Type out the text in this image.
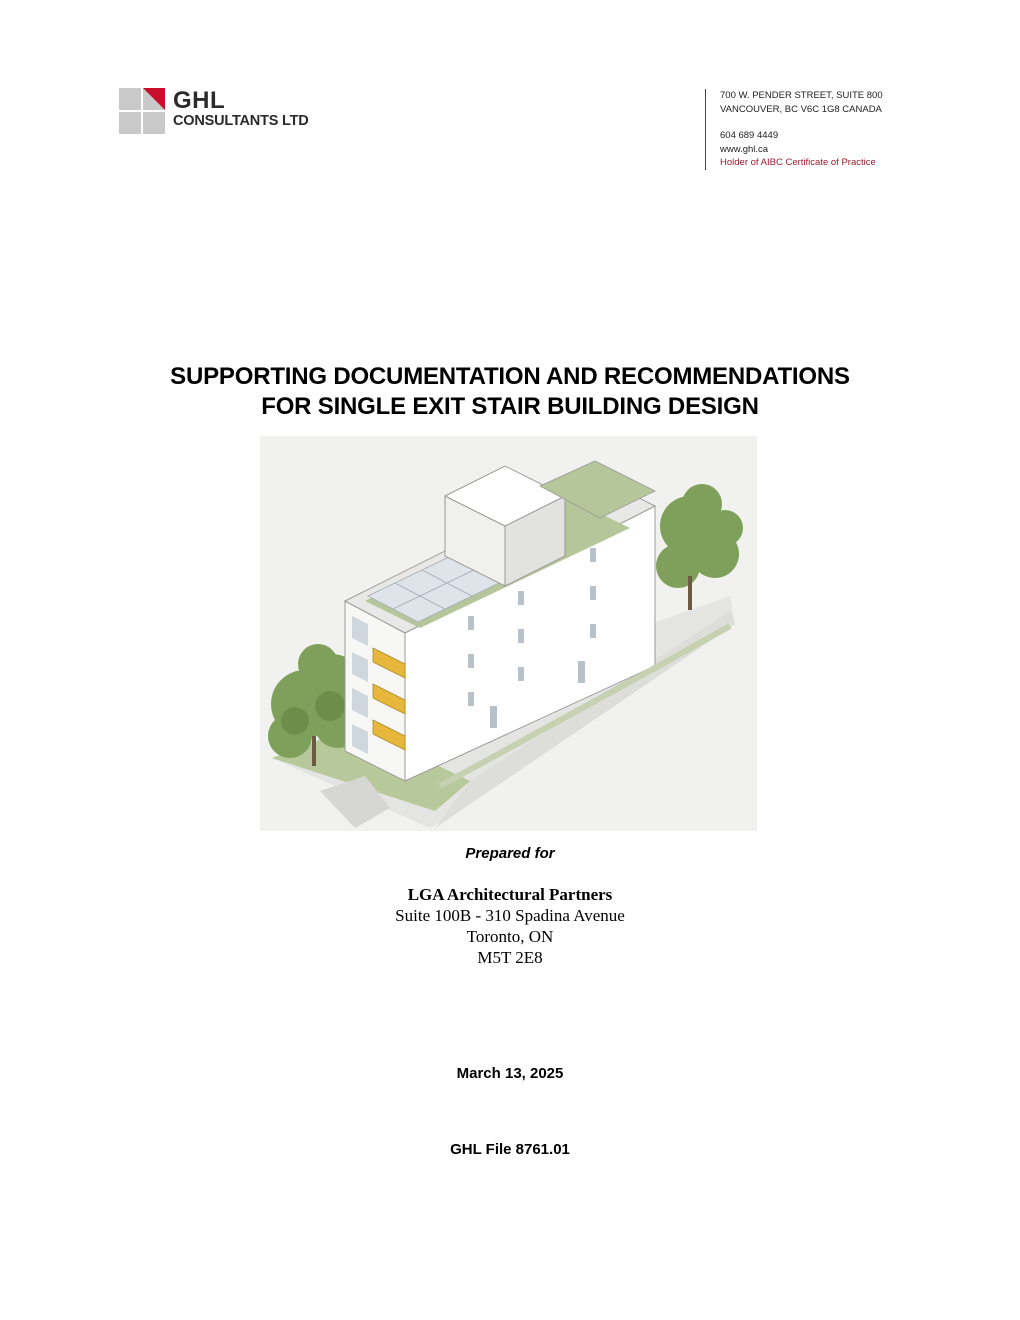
GHL
CONSULTANTS LTD
700 W. PENDER STREET, SUITE 800
VANCOUVER, BC V6C 1G8 CANADA
604 689 4449
www.ghl.ca
Holder of AIBC Certificate of Practice
SUPPORTING DOCUMENTATION AND RECOMMENDATIONS
FOR SINGLE EXIT STAIR BUILDING DESIGN
Prepared for
LGA Architectural Partners
Suite 100B - 310 Spadina Avenue
Toronto, ON
M5T 2E8
March 13, 2025
GHL File 8761.01
